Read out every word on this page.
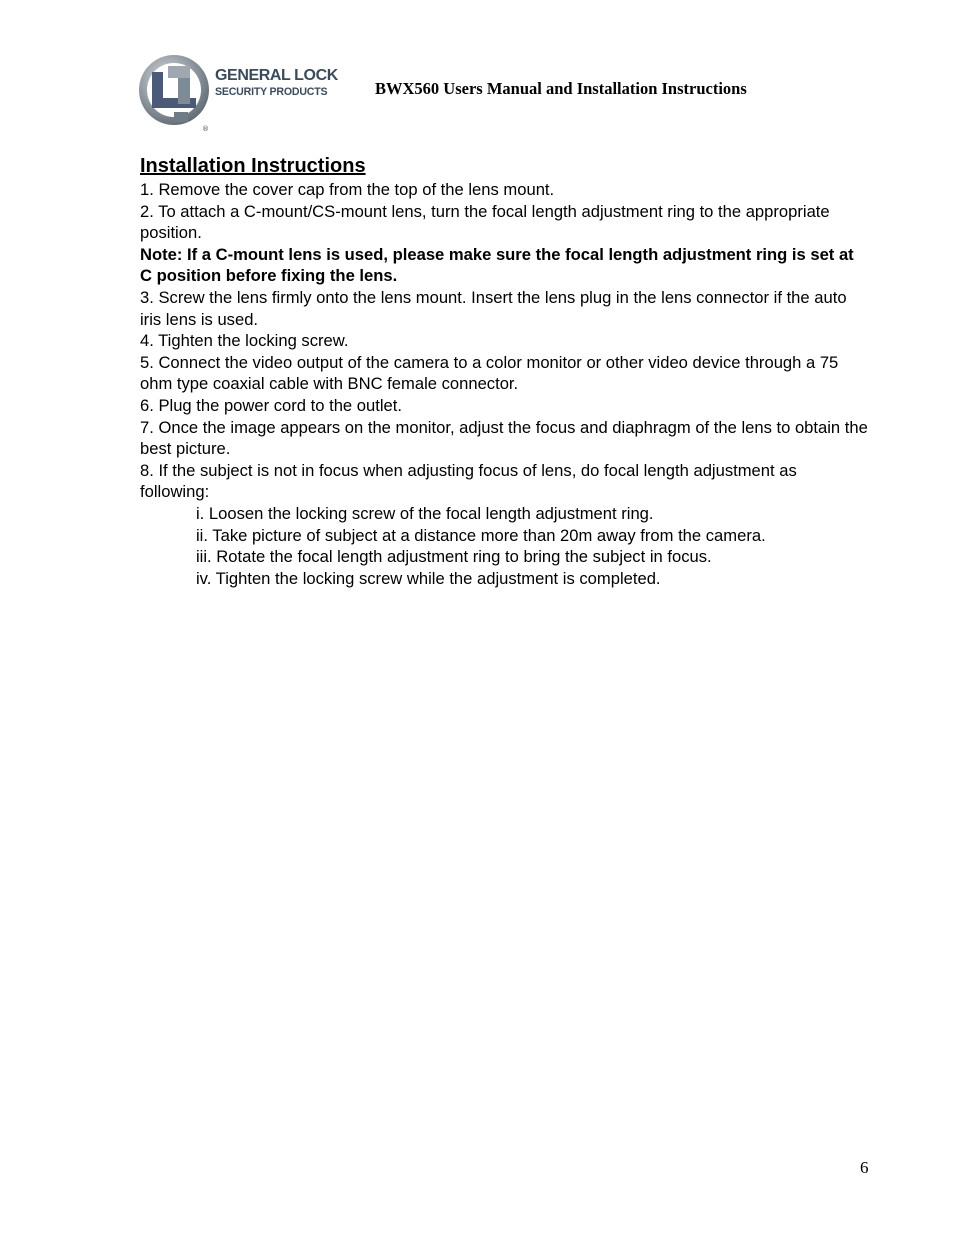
®
GENERAL LOCK
SECURITY PRODUCTS	BWX560 Users Manual and Installation Instructions
Installation Instructions

1. Remove the cover cap from the top of the lens mount.

2. To attach a C-mount/CS-mount lens, turn the focal length adjustment ring to the appropriate position.

Note: If a C-mount lens is used, please make sure the focal length adjustment ring is set at C position before fixing the lens.

3. Screw the lens firmly onto the lens mount. Insert the lens plug in the lens connector if the auto iris lens is used.

4. Tighten the locking screw.

5. Connect the video output of the camera to a color monitor or other video device through a 75 ohm type coaxial cable with BNC female connector.

6. Plug the power cord to the outlet.

7. Once the image appears on the monitor, adjust the focus and diaphragm of the lens to obtain the best picture.

8. If the subject is not in focus when adjusting focus of lens, do focal length adjustment as following:

i. Loosen the locking screw of the focal length adjustment ring.

ii. Take picture of subject at a distance more than 20m away from the camera.

iii. Rotate the focal length adjustment ring to bring the subject in focus.

iv. Tighten the locking screw while the adjustment is completed.

6
